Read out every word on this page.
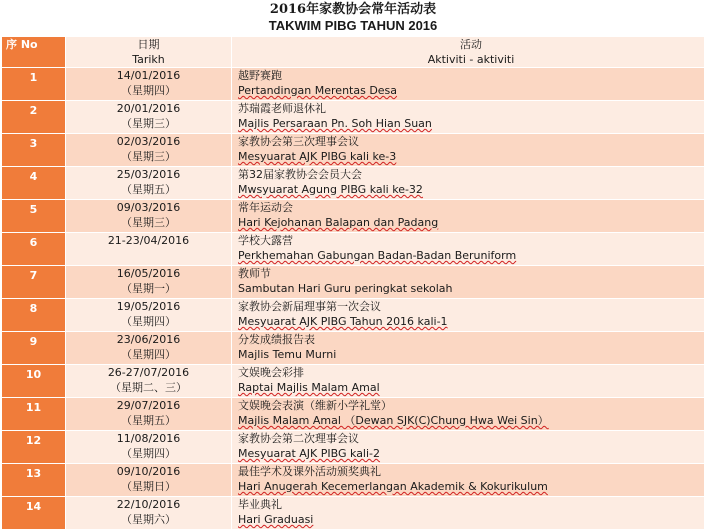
2016年家教协会常年活动表
TAKWIM PIBG TAHUN 2016
序 No	日期
Tarikh	活动
Aktiviti - aktiviti

1	14/01/2016
（星期四）	越野赛跑
Pertandingan Merentas Desa

2	20/01/2016
（星期三）	苏瑞霞老师退休礼
Majlis Persaraan Pn. Soh Hian Suan

3	02/03/2016
（星期三）	家教协会第三次理事会议
Mesyuarat AJK PIBG kali ke-3

4	25/03/2016
（星期五）	第32届家教协会会员大会
Mwsyuarat Agung PIBG kali ke-32

5	09/03/2016
（星期三）	常年运动会
Hari Kejohanan Balapan dan Padang

6	21-23/04/2016	学校大露营
Perkhemahan Gabungan Badan-Badan Beruniform

7	16/05/2016
（星期一）	教师节
Sambutan Hari Guru peringkat sekolah

8	19/05/2016
（星期四）	家教协会新届理事第一次会议
Mesyuarat AJK PIBG Tahun 2016 kali-1

9	23/06/2016
（星期四）	分发成绩报告表
Majlis Temu Murni

10	26-27/07/2016
（星期二、三）	文娱晚会彩排
Raptai Majlis Malam Amal

11	29/07/2016
（星期五）	文娱晚会表演（维新小学礼堂）
Majlis Malam Amal （Dewan SJK(C)Chung Hwa Wei Sin）

12	11/08/2016
（星期四）	家教协会第二次理事会议
Mesyuarat AJK PIBG kali-2

13	09/10/2016
（星期日）	最佳学术及课外活动颁奖典礼
Hari Anugerah Kecemerlangan Akademik & Kokurikulum

14	22/10/2016
（星期六）	毕业典礼
Hari Graduasi
